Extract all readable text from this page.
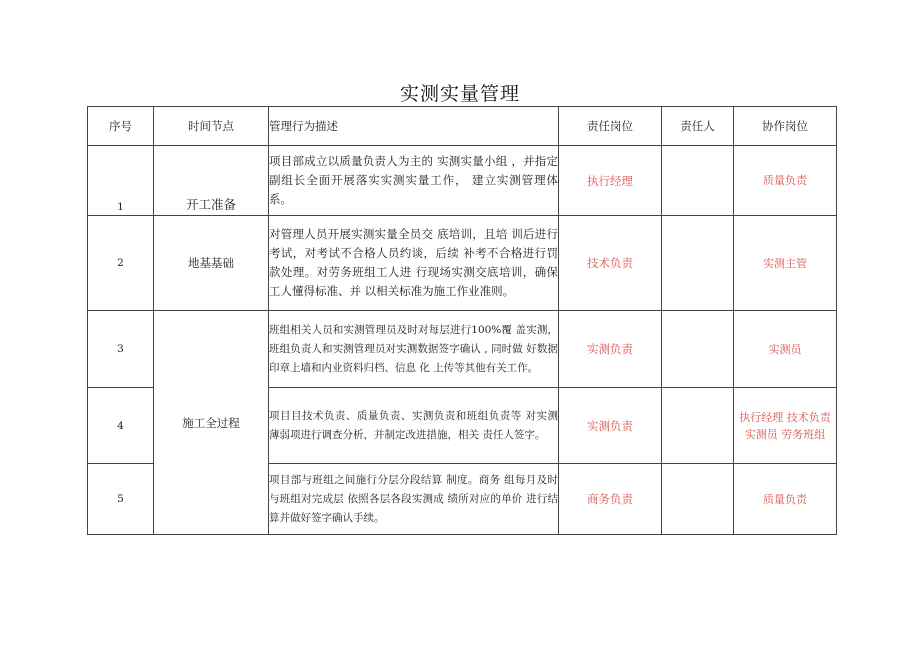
实测实量管理
序号	时间节点	管理行为描述	责任岗位	责任人	协作岗位
1	开工准备	项目部成立以质量负责人为主的 实测实量小组 ，并指定副组长全面开展落实实测实量工作， 建立实测管理体系。	执行经理		质量负责
2	地基基础	对管理人员开展实测实量全员交 底培训，且培 训后进行考试，对考试不合格人员约谈，后续 补考不合格进行罚款处理。对劳务班组工人进 行现场实测交底培训，确保工人懂得标准、并 以相关标准为施工作业准则。	技术负责		实测主管
3	施工全过程	班组相关人员和实测管理员及时对每层进行100%覆 盖实测，班组负责人和实测管理员对实测数据签字确认 , 同时做 好数据印章上墙和内业资料归档、信息 化 上传等其他有关工作。	实测负责		实测员
4		项目目技术负责、质量负责、实测负责和班组负责等 对实测 薄弱项进行调查分析，并制定改进措施，相关 责任人签字。	实测负责		执行经理 技术负责 实测员 劳务班组
5		项目部与班组之间施行分层分段结算 制度。商务 组每月及时与班组对完成层 依照各层各段实测成 绩所对应的单价 进行结算并做好签字确认手续。	商务负责		质量负责
